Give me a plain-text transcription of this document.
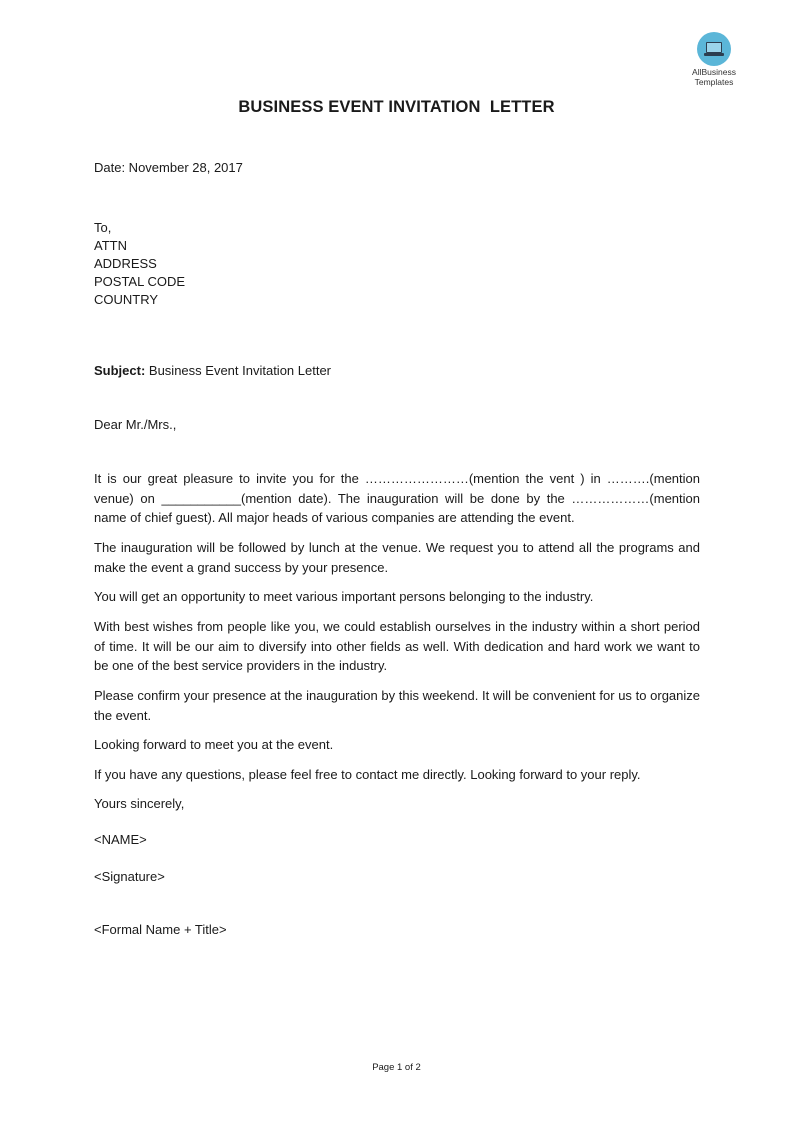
AllBusiness
Templates
BUSINESS EVENT INVITATION  LETTER
Date: November 28, 2017
To,
ATTN
ADDRESS
POSTAL CODE
COUNTRY
Subject: Business Event Invitation Letter
Dear Mr./Mrs.,
It is our great pleasure to invite you for the ……………………(mention the vent ) in ……….(mention venue) on ___________(mention date). The inauguration will be done by the ………………(mention name of chief guest). All major heads of various companies are attending the event.
The inauguration will be followed by lunch at the venue. We request you to attend all the programs and make the event a grand success by your presence.
You will get an opportunity to meet various important persons belonging to the industry.
With best wishes from people like you, we could establish ourselves in the industry within a short period of time. It will be our aim to diversify into other fields as well. With dedication and hard work we want to be one of the best service providers in the industry.
Please confirm your presence at the inauguration by this weekend. It will be convenient for us to organize the event.
Looking forward to meet you at the event.
If you have any questions, please feel free to contact me directly. Looking forward to your reply.
Yours sincerely,
<NAME>
<Signature>
<Formal Name + Title>
Page 1 of 2
